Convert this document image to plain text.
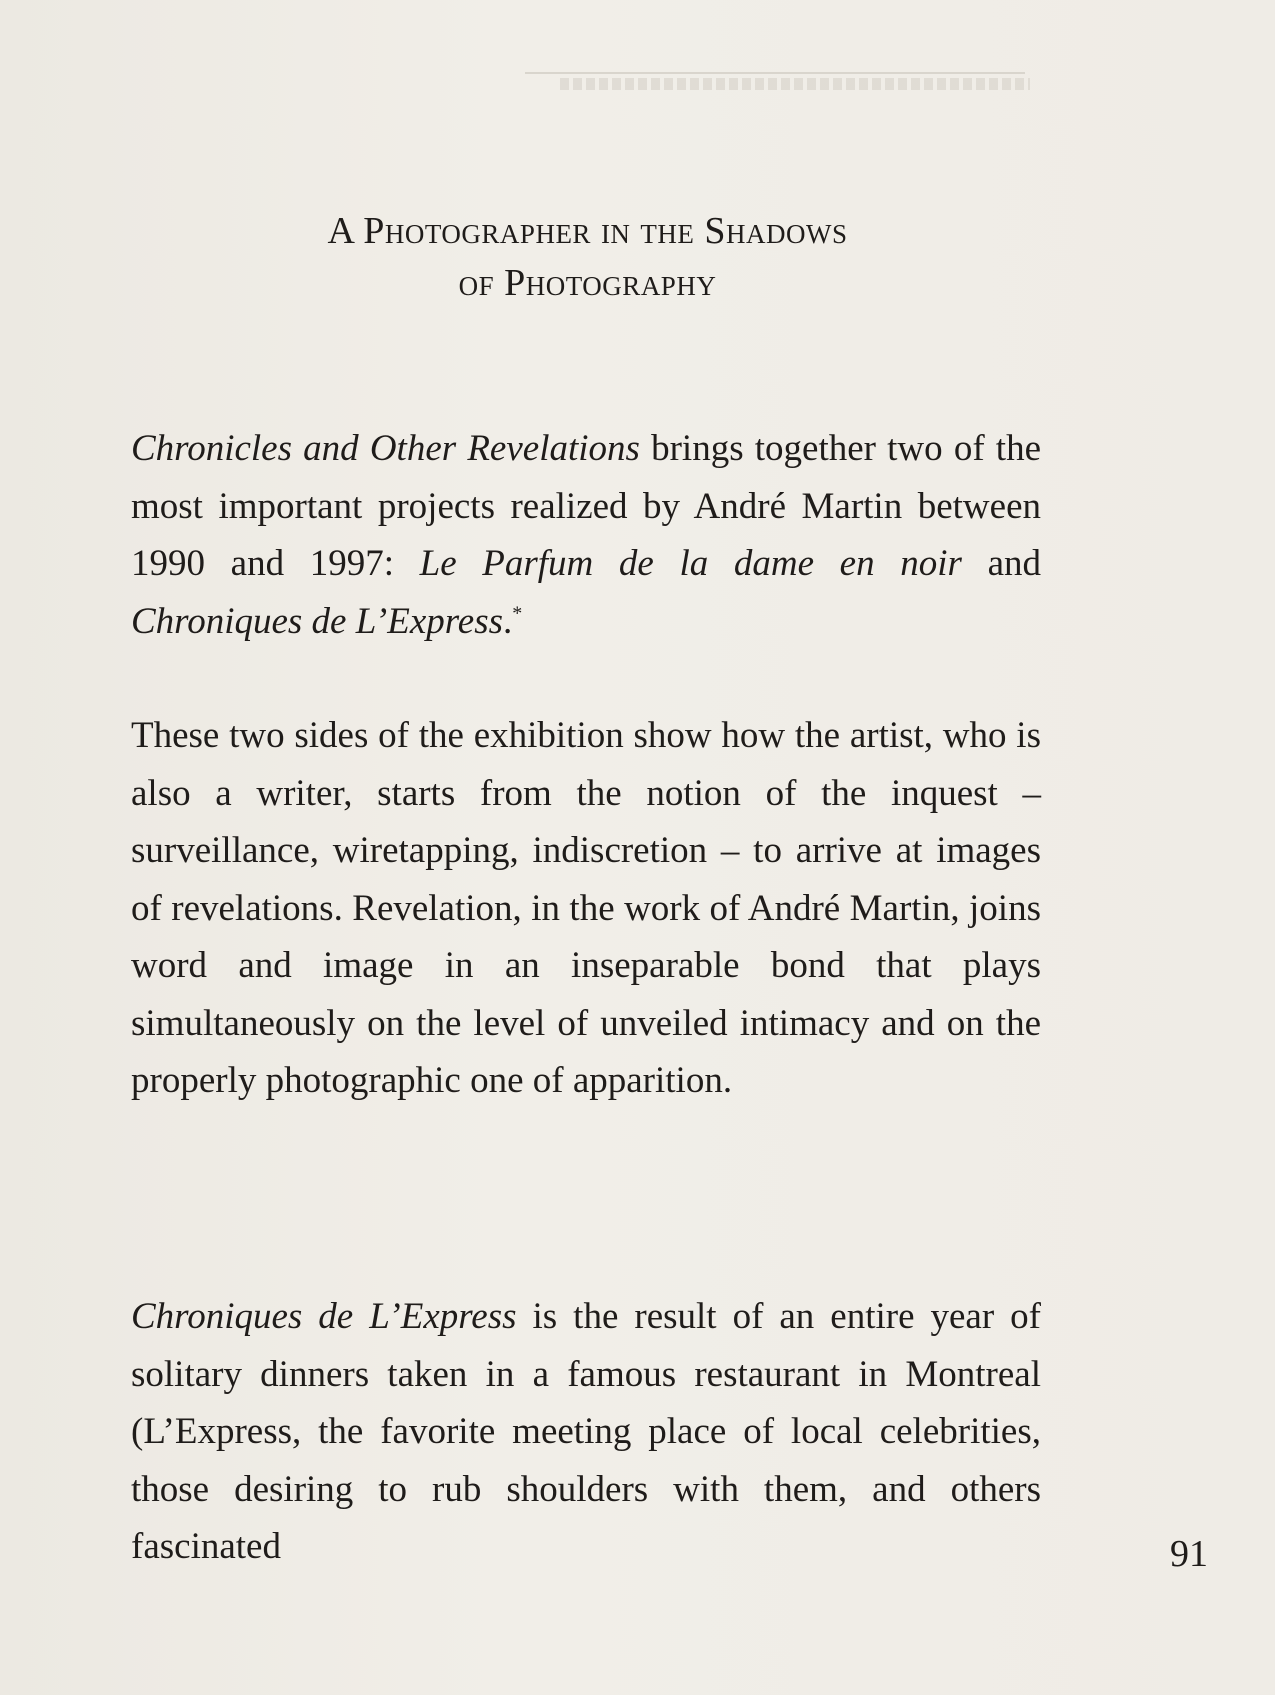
A Photographer in the Shadows
of Photography

Chronicles and Other Revelations brings together two of the most important projects realized by André Martin between 1990 and 1997: Le Parfum de la dame en noir and Chroniques de L’Express.*

These two sides of the exhibition show how the artist, who is also a writer, starts from the notion of the inquest – surveillance, wiretapping, indiscretion – to arrive at images of revelations. Revelation, in the work of André Martin, joins word and image in an inseparable bond that plays simultaneously on the level of unveiled intimacy and on the properly photographic one of apparition.

Chroniques de L’Express is the result of an entire year of solitary dinners taken in a famous restaurant in Montreal (L’Express, the favorite meeting place of local celebrities, those desiring to rub shoulders with them, and others fascinated	91
